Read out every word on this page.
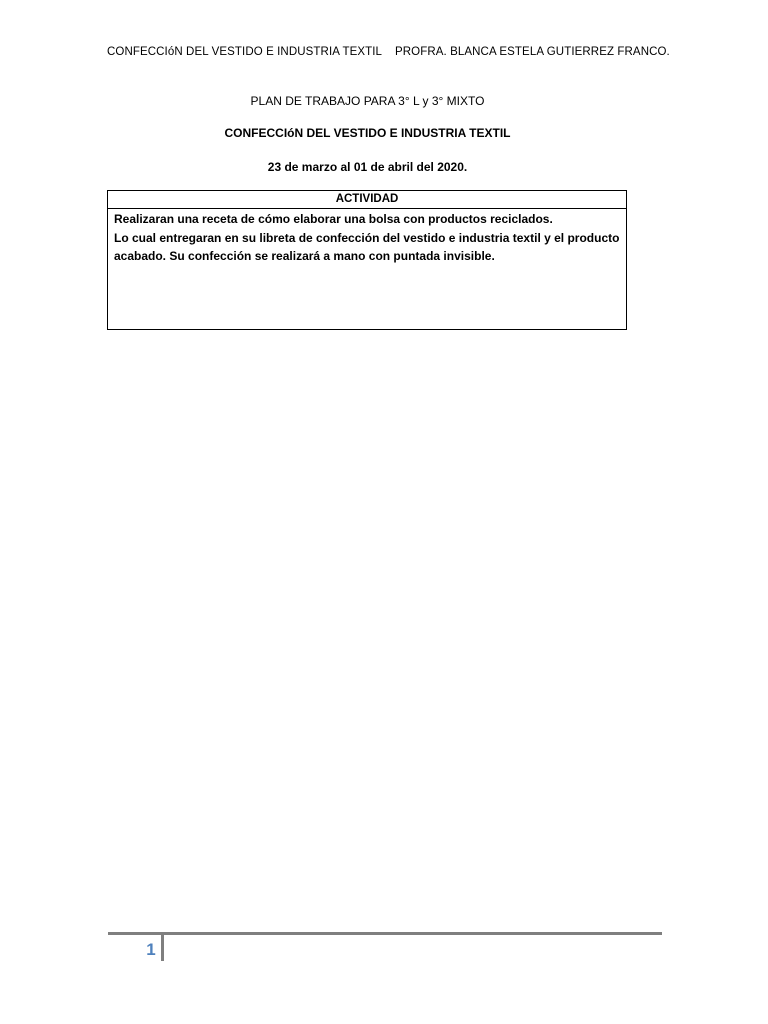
CONFECCIóN DEL VESTIDO E INDUSTRIA TEXTIL PROFRA. BLANCA ESTELA GUTIERREZ FRANCO.
PLAN DE TRABAJO PARA 3° L y 3° MIXTO
CONFECCIóN DEL VESTIDO E INDUSTRIA TEXTIL
23 de marzo al 01 de abril del 2020.
ACTIVIDAD

Realizaran una receta de cómo elaborar una bolsa con productos reciclados.

Lo cual entregaran en su libreta de confección del vestido e industria textil y el producto acabado. Su confección se realizará a mano con puntada invisible.

1
